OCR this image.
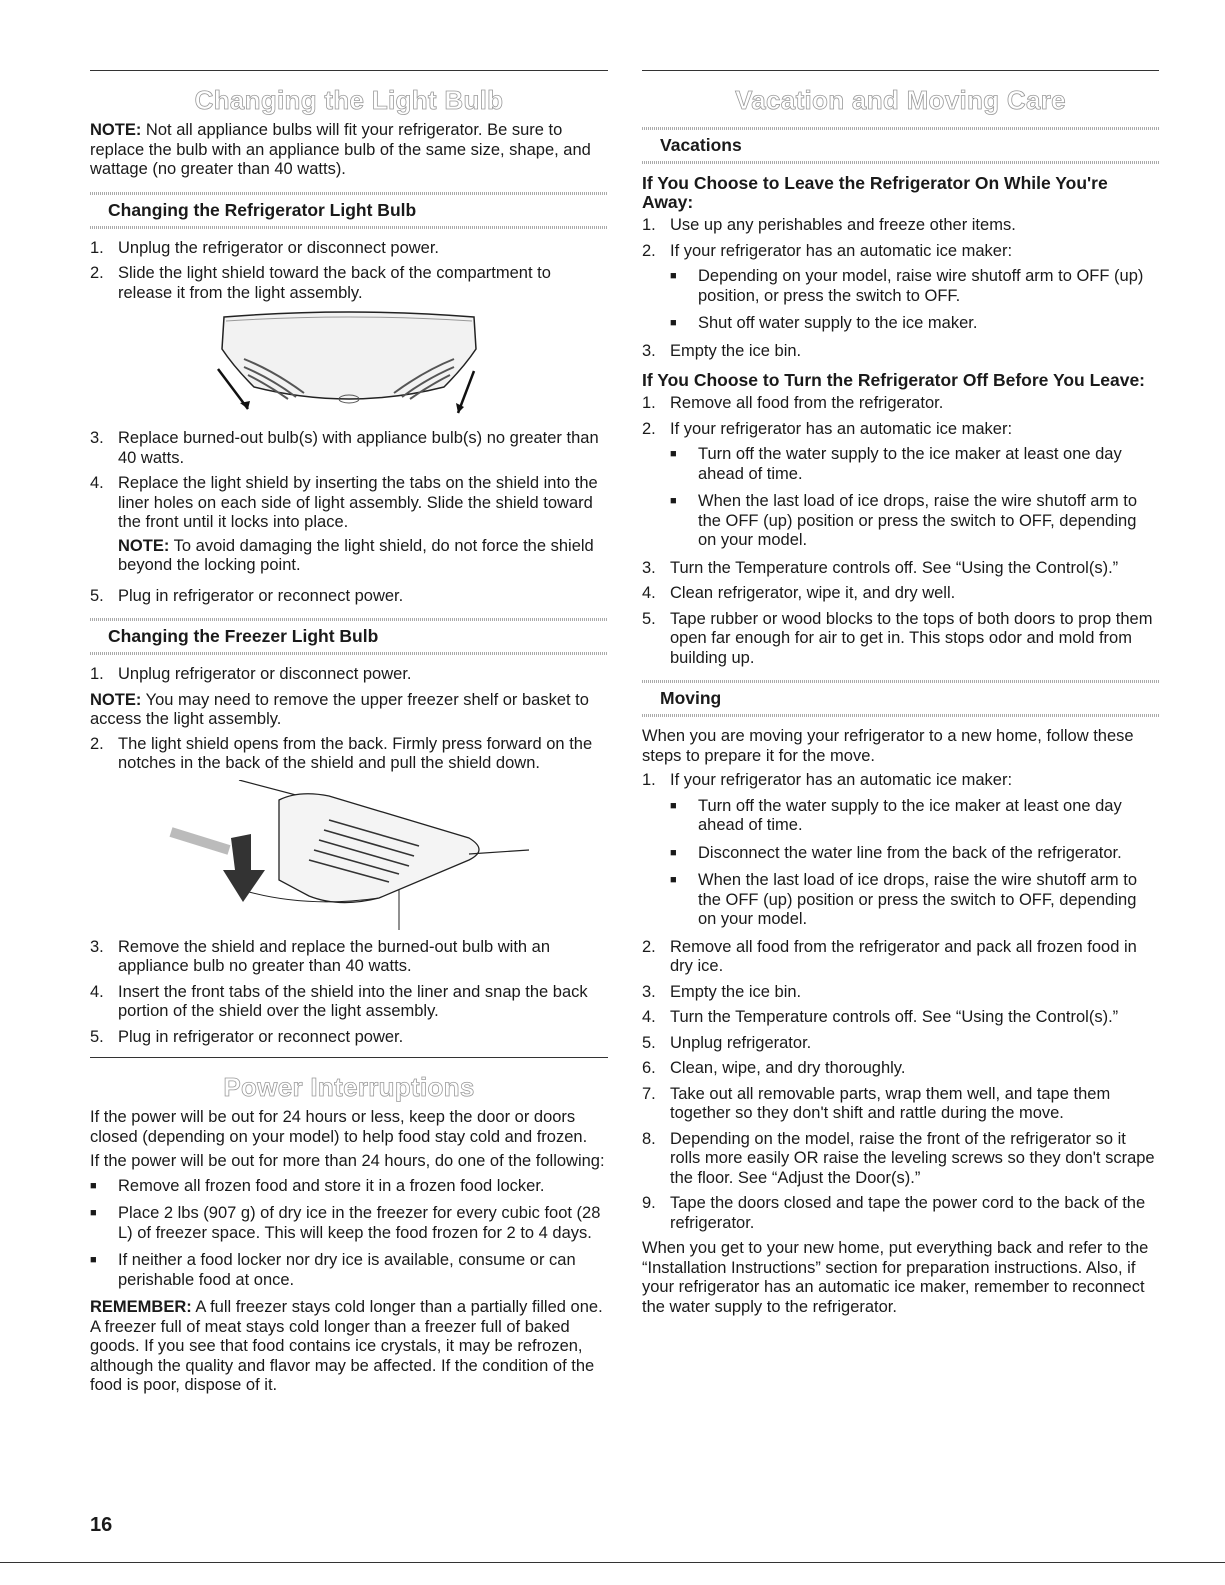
Changing the Light Bulb

NOTE: Not all appliance bulbs will fit your refrigerator. Be sure to replace the bulb with an appliance bulb of the same size, shape, and wattage (no greater than 40 watts).

Changing the Refrigerator Light Bulb
1. Unplug the refrigerator or disconnect power.
2. Slide the light shield toward the back of the compartment to release it from the light assembly.
3. Replace burned-out bulb(s) with appliance bulb(s) no greater than 40 watts.
4. Replace the light shield by inserting the tabs on the shield into the liner holes on each side of light assembly. Slide the shield toward the front until it locks into place.

NOTE: To avoid damaging the light shield, do not force the shield beyond the locking point.

5. Plug in refrigerator or reconnect power.
Changing the Freezer Light Bulb
1. Unplug refrigerator or disconnect power.

NOTE: You may need to remove the upper freezer shelf or basket to access the light assembly.

2. The light shield opens from the back. Firmly press forward on the notches in the back of the shield and pull the shield down.
3. Remove the shield and replace the burned-out bulb with an appliance bulb no greater than 40 watts.
4. Insert the front tabs of the shield into the liner and snap the back portion of the shield over the light assembly.
5. Plug in refrigerator or reconnect power.
Power Interruptions

If the power will be out for 24 hours or less, keep the door or doors closed (depending on your model) to help food stay cold and frozen.

If the power will be out for more than 24 hours, do one of the following:

■	Remove all frozen food and store it in a frozen food locker.
■	Place 2 lbs (907 g) of dry ice in the freezer for every cubic foot (28 L) of freezer space. This will keep the food frozen for 2 to 4 days.
■	If neither a food locker nor dry ice is available, consume or can perishable food at once.

REMEMBER: A full freezer stays cold longer than a partially filled one. A freezer full of meat stays cold longer than a freezer full of baked goods. If you see that food contains ice crystals, it may be refrozen, although the quality and flavor may be affected. If the condition of the food is poor, dispose of it.

Vacation and Moving Care
Vacations
If You Choose to Leave the Refrigerator On While You're Away:
1. Use up any perishables and freeze other items.
2. If your refrigerator has an automatic ice maker:
■	Depending on your model, raise wire shutoff arm to OFF (up) position, or press the switch to OFF.
■	Shut off water supply to the ice maker.
3. Empty the ice bin.
If You Choose to Turn the Refrigerator Off Before You Leave:
1. Remove all food from the refrigerator.
2. If your refrigerator has an automatic ice maker:
■	Turn off the water supply to the ice maker at least one day ahead of time.
■	When the last load of ice drops, raise the wire shutoff arm to the OFF (up) position or press the switch to OFF, depending on your model.
3. Turn the Temperature controls off. See “Using the Control(s).”
4. Clean refrigerator, wipe it, and dry well.
5. Tape rubber or wood blocks to the tops of both doors to prop them open far enough for air to get in. This stops odor and mold from building up.
Moving

When you are moving your refrigerator to a new home, follow these steps to prepare it for the move.

1. If your refrigerator has an automatic ice maker:
■	Turn off the water supply to the ice maker at least one day ahead of time.
■	Disconnect the water line from the back of the refrigerator.
■	When the last load of ice drops, raise the wire shutoff arm to the OFF (up) position or press the switch to OFF, depending on your model.
2. Remove all food from the refrigerator and pack all frozen food in dry ice.
3. Empty the ice bin.
4. Turn the Temperature controls off. See “Using the Control(s).”
5. Unplug refrigerator.
6. Clean, wipe, and dry thoroughly.
7. Take out all removable parts, wrap them well, and tape them together so they don't shift and rattle during the move.
8. Depending on the model, raise the front of the refrigerator so it rolls more easily OR raise the leveling screws so they don't scrape the floor. See “Adjust the Door(s).”
9. Tape the doors closed and tape the power cord to the back of the refrigerator.

When you get to your new home, put everything back and refer to the “Installation Instructions” section for preparation instructions. Also, if your refrigerator has an automatic ice maker, remember to reconnect the water supply to the refrigerator.

16
